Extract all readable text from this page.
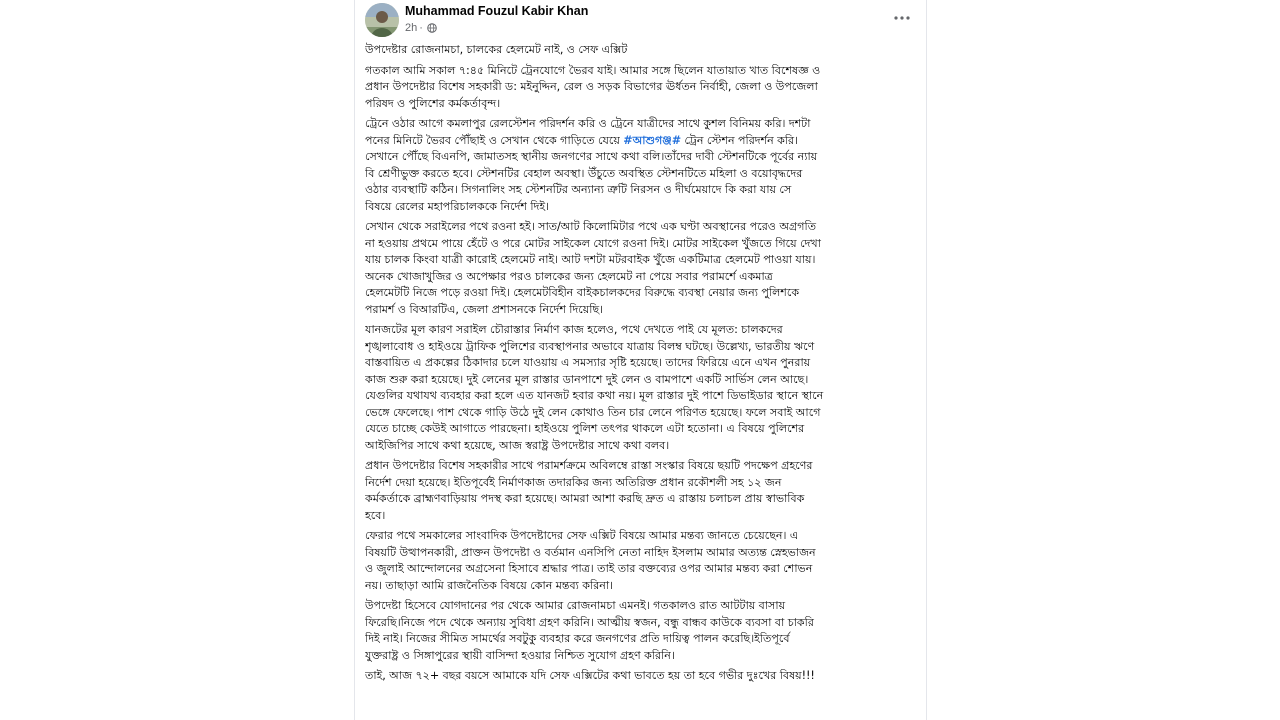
Muhammad Fouzul Kabir Khan
2h ·

উপদেষ্টার রোজনামচা, চালকের হেলমেট নাই, ও সেফ এক্সিট

গতকাল আমি সকাল ৭:৪৫ মিনিটে ট্রেনযোগে ভৈরব যাই। আমার সঙ্গে ছিলেন যাতায়াত খাত বিশেষজ্ঞ ও
প্রধান উপদেষ্টার বিশেষ সহকারী ড: মইনুদ্দিন, রেল ও সড়ক বিভাগের ঊর্ধতন নির্বাহী, জেলা ও উপজেলা
পরিষদ ও পুলিশের কর্মকর্তাবৃন্দ।

ট্রেনে ওঠার আগে কমলাপুর রেলস্টেশন পরিদর্শন করি ও ট্রেনে যাত্রীদের সাথে কুশল বিনিময় করি। দশটা
পনের মিনিটে ভৈরব পৌঁছাই ও সেখান থেকে গাড়িতে যেয়ে #আশুগঞ্জ# ট্রেন স্টেশন পরিদর্শন করি।
সেখানে পৌঁছে বিএনপি, জামাতসহ স্থানীয় জনগণের সাথে কথা বলি।তাঁদের দাবী স্টেশনটিকে পূর্বের ন্যায়
বি শ্রেণীভুক্ত করতে হবে। স্টেশনটির বেহাল অবস্থা। উঁচুতে অবস্থিত স্টেশনটিতে মহিলা ও বয়োবৃদ্ধদের
ওঠার ব্যবস্থাটি কঠিন। সিগনালিং সহ স্টেশনটির অন্যান্য ত্রুটি নিরসন ও দীর্ঘমেয়াদে কি করা যায় সে
বিষয়ে রেলের মহাপরিচালককে নির্দেশ দিই।

সেখান থেকে সরাইলের পথে রওনা হই। সাত/আট কিলোমিটার পথে এক ঘণ্টা অবস্থানের পরেও অগ্রগতি
না হওয়ায় প্রথমে পায়ে হেঁটে ও পরে মোটর সাইকেল যোগে রওনা দিই। মোটর সাইকেল খুঁজতে গিয়ে দেখা
যায় চালক কিংবা যাত্রী কারোই হেলমেট নাই। আট দশটা মটরবাইক খুঁজে একটিমাত্র হেলমেট পাওয়া যায়।
অনেক খোজাখুজির ও অপেক্ষার পরও চালকের জন্য হেলমেট না পেয়ে সবার পরামর্শে একমাত্র
হেলমেটটি নিজে পড়ে রওয়া দিই। হেলমেটবিহীন বাইকচালকদের বিরুদ্ধে ব্যবস্থা নেয়ার জন্য পুলিশকে
পরামর্শ ও বিআরটিএ, জেলা প্রশাসনকে নির্দেশ দিয়েছি।

যানজটের মূল কারণ সরাইল চৌরাস্তার নির্মাণ কাজ হলেও, পথে দেখতে পাই যে মূলত: চালকদের
শৃঙ্খলাবোধ ও হাইওয়ে ট্রাফিক পুলিশের ব্যবস্থাপনার অভাবে যাত্রায় বিলম্ব ঘটছে। উল্লেখ্য, ভারতীয় ঋণে
বাস্তবায়িত এ প্রকল্পের ঠিকাদার চলে যাওয়ায় এ সমস্যার সৃষ্টি হয়েছে। তাদের ফিরিয়ে এনে এখন পুনরায়
কাজ শুরু করা হয়েছে। দুই লেনের মূল রাস্তার ডানপাশে দুই লেন ও বামপাশে একটি সার্ভিস লেন আছে।
যেগুলির যথাযথ ব্যবহার করা হলে এত যানজট হবার কথা নয়। মূল রাস্তার দুই পাশে ডিভাইডার স্থানে স্থানে
ভেঙ্গে ফেলেছে। পাশ থেকে গাড়ি উঠে দুই লেন কোথাও তিন চার লেনে পরিণত হয়েছে। ফলে সবাই আগে
যেতে চাচ্ছে কেউই আগাতে পারছেনা। হাইওয়ে পুলিশ তৎপর থাকলে এটা হতোনা। এ বিষয়ে পুলিশের
আইজিপির সাথে কথা হয়েছে, আজ স্বরাষ্ট্র উপদেষ্টার সাথে কথা বলব।

প্রধান উপদেষ্টার বিশেষ সহকারীর সাথে পরামর্শক্রমে অবিলম্বে রাস্তা সংস্কার বিষয়ে ছয়টি পদক্ষেপ গ্রহণের
নির্দেশ দেয়া হয়েছে। ইতিপূর্বেই নির্মাণকাজ তদারকির জন্য অতিরিক্ত প্রধান রকৌশলী সহ ১২ জন
কর্মকর্তাকে ব্রাহ্মণবাড়িয়ায় পদস্থ করা হয়েছে। আমরা আশা করছি দ্রুত এ রাস্তায় চলাচল প্রায় স্বাভাবিক
হবে।

ফেরার পথে সমকালের সাংবাদিক উপদেষ্টাদের সেফ এক্সিট বিষয়ে আমার মন্তব্য জানতে চেয়েছেন। এ
বিষয়টি উত্থাপনকারী, প্রাক্তন উপদেষ্টা ও বর্তমান এনসিপি নেতা নাহিদ ইসলাম আমার অত্যন্ত স্নেহভাজন
ও জুলাই আন্দোলনের অগ্রসেনা হিসাবে শ্রদ্ধার পাত্র। তাই তার বক্তব্যের ওপর আমার মন্তব্য করা শোভন
নয়। তাছাড়া আমি রাজনৈতিক বিষয়ে কোন মন্তব্য করিনা।

উপদেষ্টা হিসেবে যোগদানের পর থেকে আমার রোজনামচা এমনই। গতকালও রাত আটটায় বাসায়
ফিরেছি।নিজে পদে থেকে অন্যায় সুবিধা গ্রহণ করিনি। আত্মীয় স্বজন, বন্ধু বান্ধব কাউকে ব্যবসা বা চাকরি
দিই নাই। নিজের সীমিত সামর্থের সবটুকু ব্যবহার করে জনগণের প্রতি দায়িত্ব পালন করেছি।ইতিপূর্বে
যুক্তরাষ্ট্র ও সিঙ্গাপুরের স্থায়ী বাসিন্দা হওয়ার নিশ্চিত সুযোগ গ্রহণ করিনি।

তাই, আজ ৭২+ বছর বয়সে আমাকে যদি সেফ এক্সিটের কথা ভাবতে হয় তা হবে গভীর দুঃখের বিষয়!!!
